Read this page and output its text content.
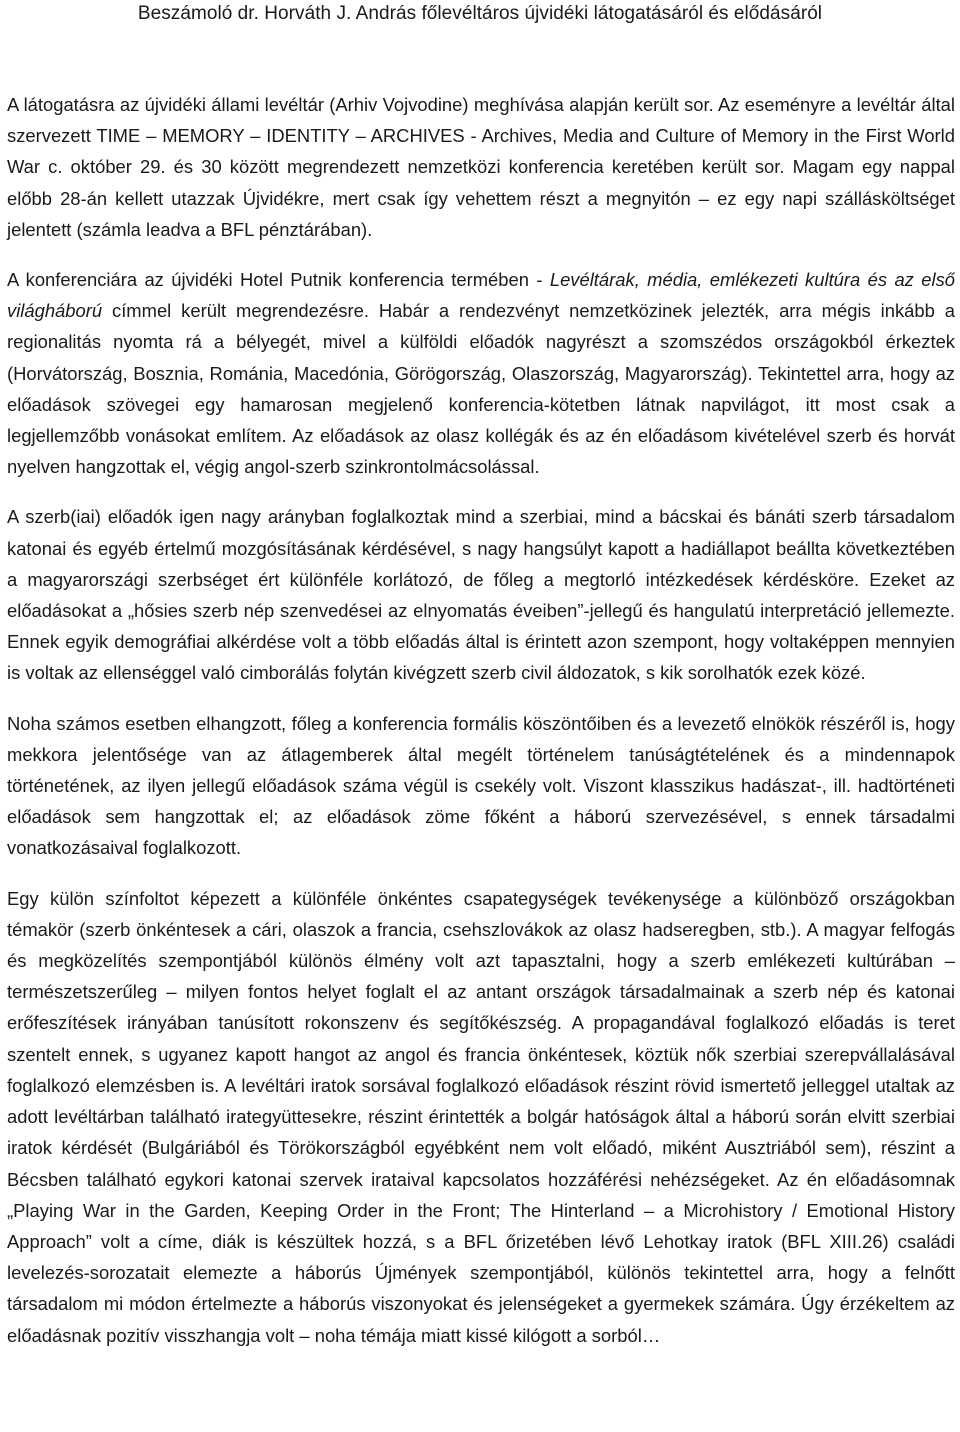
Beszámoló dr. Horváth J. András főlevéltáros újvidéki látogatásáról és elődásáról

A látogatásra az újvidéki állami levéltár (Arhiv Vojvodine) meghívása alapján került sor. Az eseményre a levéltár által szervezett TIME – MEMORY – IDENTITY – ARCHIVES - Archives, Media and Culture of Memory in the First World War c. október 29. és 30 között megrendezett nemzetközi konferencia keretében került sor. Magam egy nappal előbb 28-án kellett utazzak Újvidékre, mert csak így vehettem részt a megnyitón – ez egy napi szállásköltséget jelentett (számla leadva a BFL pénztárában).

A konferenciára az újvidéki Hotel Putnik konferencia termében - Levéltárak, média, emlékezeti kultúra és az első világháború címmel került megrendezésre. Habár a rendezvényt nemzetközinek jelezték, arra mégis inkább a regionalitás nyomta rá a bélyegét, mivel a külföldi előadók nagyrészt a szomszédos országokból érkeztek (Horvátország, Bosznia, Románia, Macedónia, Görögország, Olaszország, Magyarország). Tekintettel arra, hogy az előadások szövegei egy hamarosan megjelenő konferencia-kötetben látnak napvilágot, itt most csak a legjellemzőbb vonásokat említem. Az előadások az olasz kollégák és az én előadásom kivételével szerb és horvát nyelven hangzottak el, végig angol-szerb szinkrontolmácsolással.

A szerb(iai) előadók igen nagy arányban foglalkoztak mind a szerbiai, mind a bácskai és bánáti szerb társadalom katonai és egyéb értelmű mozgósításának kérdésével, s nagy hangsúlyt kapott a hadiállapot beállta következtében a magyarországi szerbséget ért különféle korlátozó, de főleg a megtorló intézkedések kérdésköre. Ezeket az előadásokat a „hősies szerb nép szenvedései az elnyomatás éveiben”-jellegű és hangulatú interpretáció jellemezte. Ennek egyik demográfiai alkérdése volt a több előadás által is érintett azon szempont, hogy voltaképpen mennyien is voltak az ellenséggel való cimborálás folytán kivégzett szerb civil áldozatok, s kik sorolhatók ezek közé.

Noha számos esetben elhangzott, főleg a konferencia formális köszöntőiben és a levezető elnökök részéről is, hogy mekkora jelentősége van az átlagemberek által megélt történelem tanúságtételének és a mindennapok történetének, az ilyen jellegű előadások száma végül is csekély volt. Viszont klasszikus hadászat-, ill. hadtörténeti előadások sem hangzottak el; az előadások zöme főként a háború szervezésével, s ennek társadalmi vonatkozásaival foglalkozott.

Egy külön színfoltot képezett a különféle önkéntes csapategységek tevékenysége a különböző országokban témakör (szerb önkéntesek a cári, olaszok a francia, csehszlovákok az olasz hadseregben, stb.). A magyar felfogás és megközelítés szempontjából különös élmény volt azt tapasztalni, hogy a szerb emlékezeti kultúrában – természetszerűleg – milyen fontos helyet foglalt el az antant országok társadalmainak a szerb nép és katonai erőfeszítések irányában tanúsított rokonszenv és segítőkészség. A propagandával foglalkozó előadás is teret szentelt ennek, s ugyanez kapott hangot az angol és francia önkéntesek, köztük nők szerbiai szerepvállalásával foglalkozó elemzésben is. A levéltári iratok sorsával foglalkozó előadások részint rövid ismertető jelleggel utaltak az adott levéltárban található irategyüttesekre, részint érintették a bolgár hatóságok által a háború során elvitt szerbiai iratok kérdését (Bulgáriából és Törökországból egyébként nem volt előadó, miként Ausztriából sem), részint a Bécsben található egykori katonai szervek irataival kapcsolatos hozzáférési nehézségeket. Az én előadásomnak „Playing War in the Garden, Keeping Order in the Front; The Hinterland – a Microhistory / Emotional History Approach” volt a címe, diák is készültek hozzá, s a BFL őrizetében lévő Lehotkay iratok (BFL XIII.26) családi levelezés-sorozatait elemezte a háborús Újmények szempontjából, különös tekintettel arra, hogy a felnőtt társadalom mi módon értelmezte a háborús viszonyokat és jelenségeket a gyermekek számára. Úgy érzékeltem az előadásnak pozitív visszhangja volt – noha témája miatt kissé kilógott a sorból…
